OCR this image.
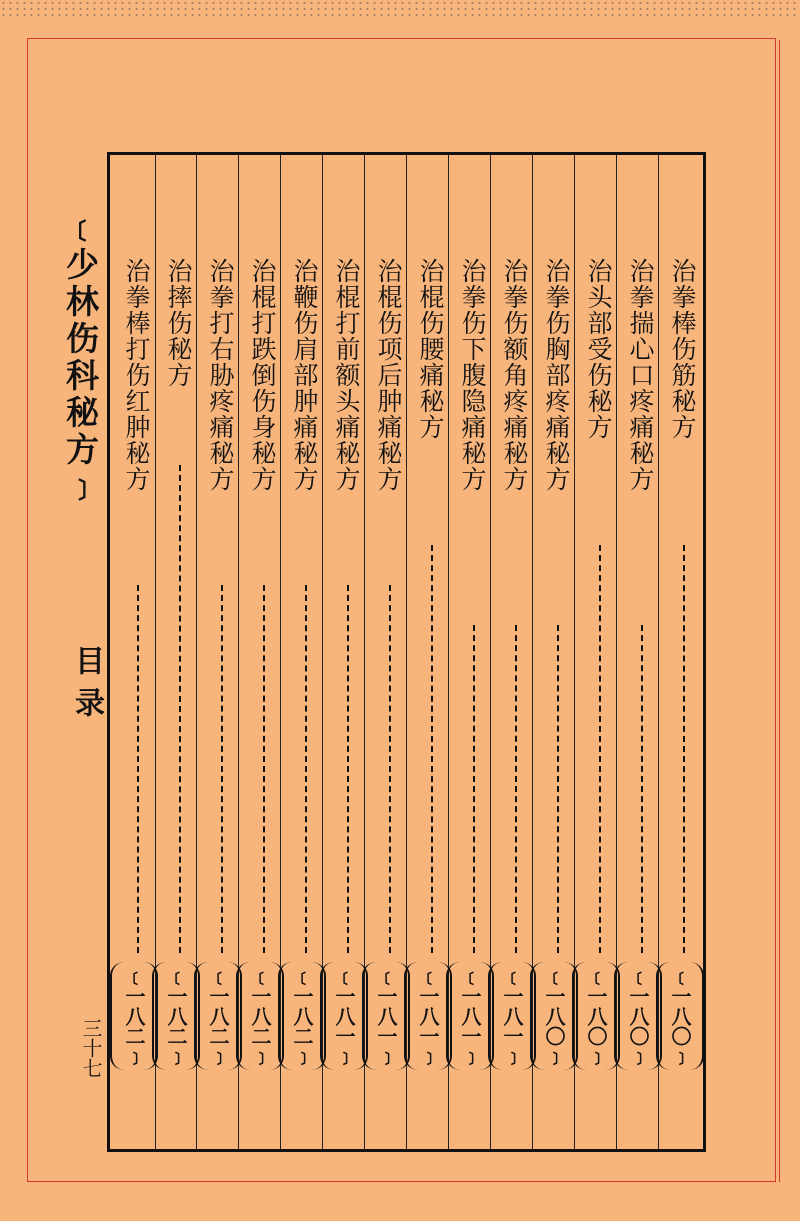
治拳棒伤筋秘方
﹝一八〇﹞
治拳揣心口疼痛秘方
﹝一八〇﹞
治头部受伤秘方
﹝一八〇﹞
治拳伤胸部疼痛秘方
﹝一八〇﹞
治拳伤额角疼痛秘方
﹝一八一﹞
治拳伤下腹隐痛秘方
﹝一八一﹞
治棍伤腰痛秘方
﹝一八一﹞
治棍伤项后肿痛秘方
﹝一八一﹞
治棍打前额头痛秘方
﹝一八一﹞
治鞭伤肩部肿痛秘方
﹝一八二﹞
治棍打跌倒伤身秘方
﹝一八二﹞
治拳打右胁疼痛秘方
﹝一八二﹞
治摔伤秘方
﹝一八二﹞
治拳棒打伤红肿秘方
﹝一八二﹞
﹝少林伤科秘方﹞
目录
三十七
